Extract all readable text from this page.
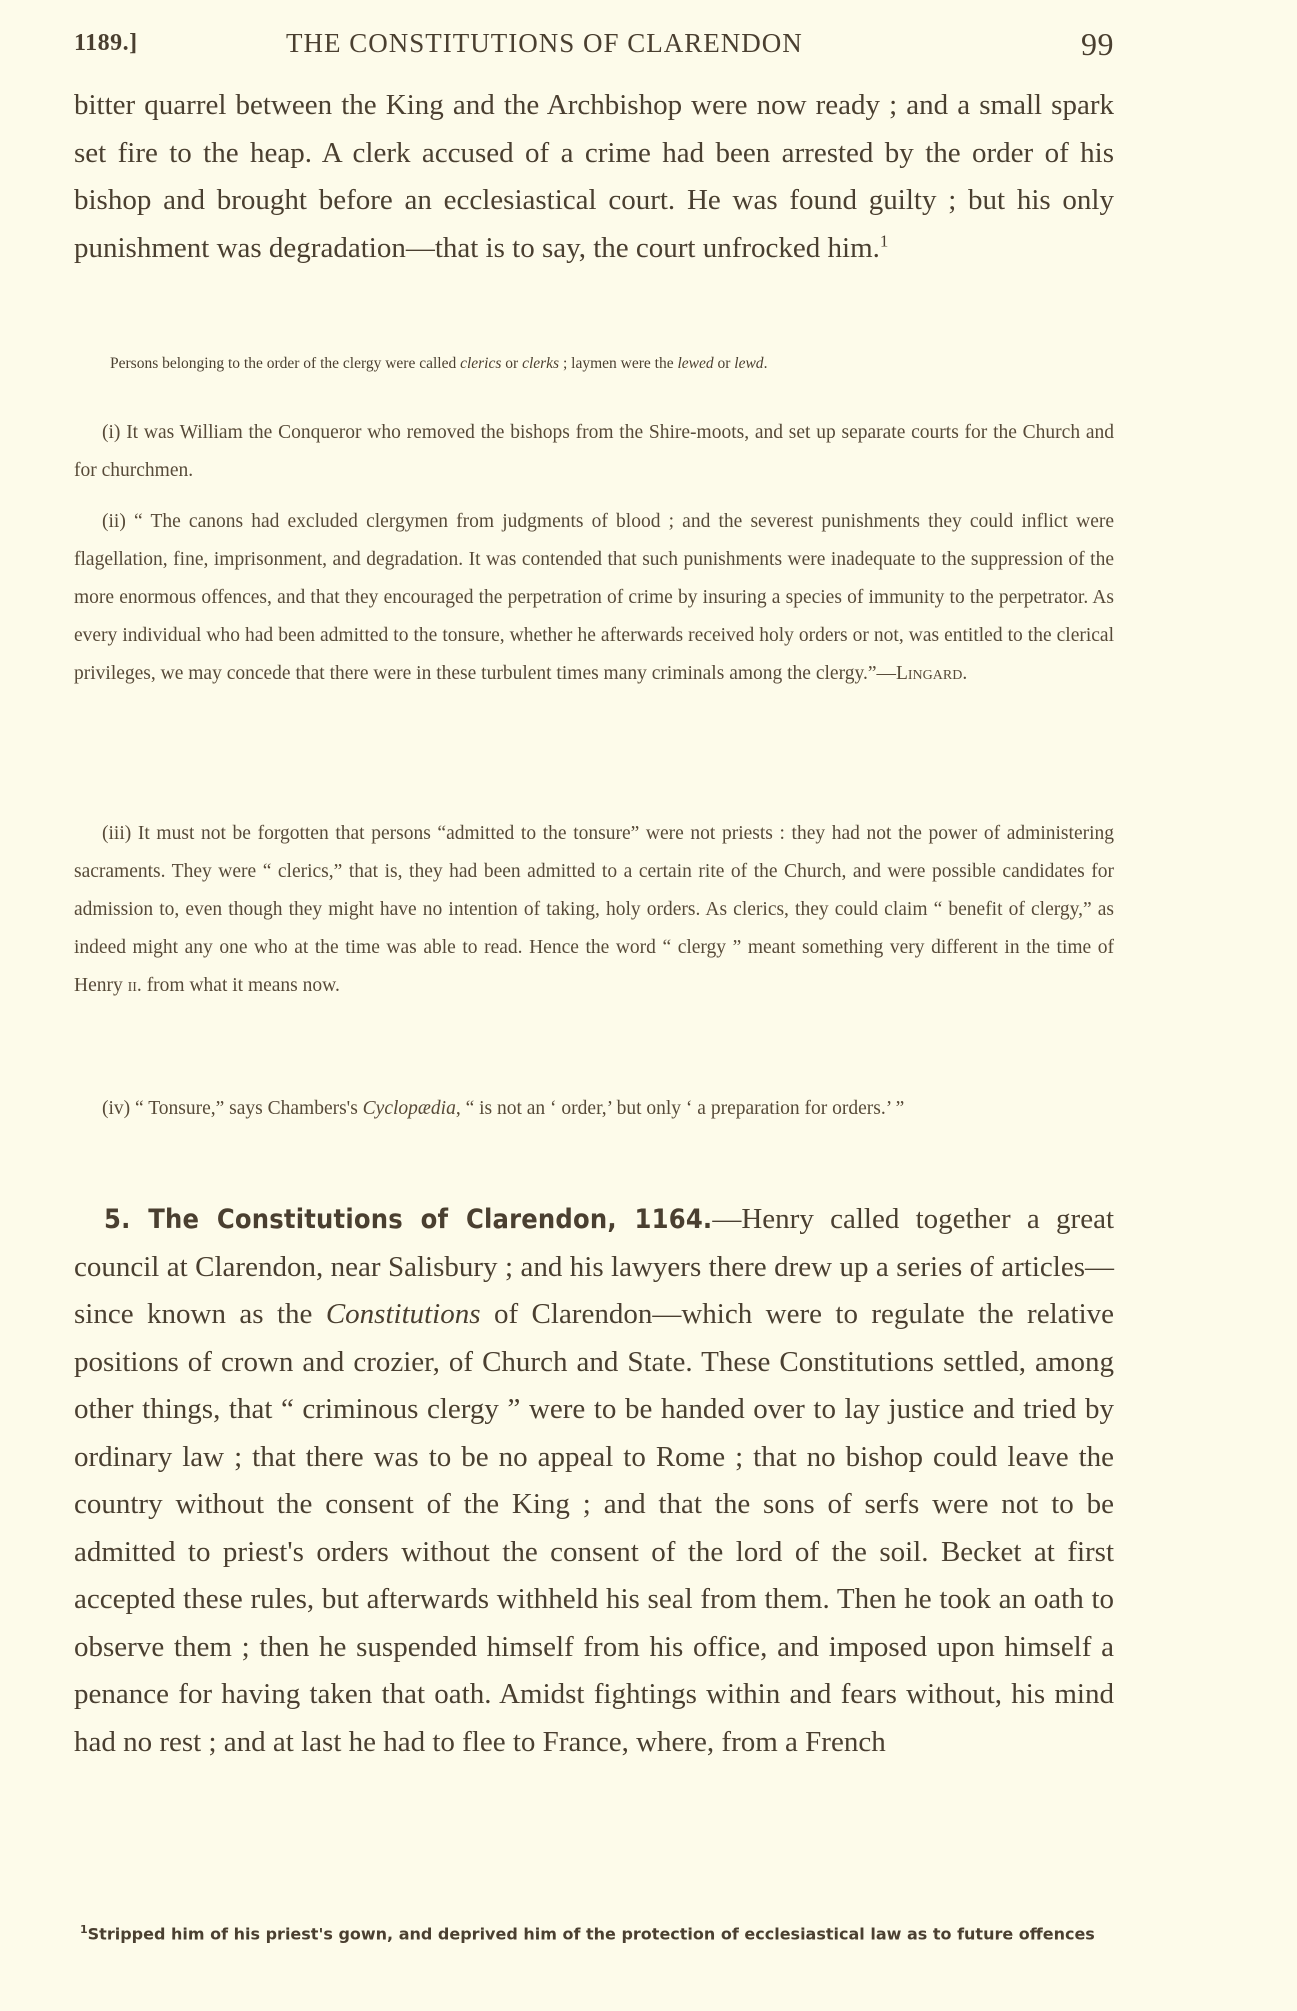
1189.]	THE CONSTITUTIONS OF CLARENDON	99

bitter quarrel between the King and the Archbishop were now ready ; and a small spark set fire to the heap. A clerk accused of a crime had been arrested by the order of his bishop and brought before an ecclesiastical court. He was found guilty ; but his only punishment was degradation—that is to say, the court unfrocked him.$^1$

Persons belonging to the order of the clergy were called clerics or clerks ; laymen were the lewed or lewd.

(i) It was William the Conqueror who removed the bishops from the Shire-moots, and set up separate courts for the Church and for churchmen.

(ii) “ The canons had excluded clergymen from judgments of blood ; and the severest punishments they could inflict were flagellation, fine, imprisonment, and degradation. It was contended that such punishments were inadequate to the suppression of the more enormous offences, and that they encouraged the perpetration of crime by insuring a species of immunity to the perpetrator. As every individual who had been admitted to the tonsure, whether he afterwards received holy orders or not, was entitled to the clerical privileges, we may concede that there were in these turbulent times many criminals among the clergy.”—Lingard.

(iii) It must not be forgotten that persons “admitted to the tonsure” were not priests : they had not the power of administering sacraments. They were “ clerics,” that is, they had been admitted to a certain rite of the Church, and were possible candidates for admission to, even though they might have no intention of taking, holy orders. As clerics, they could claim “ benefit of clergy,” as indeed might any one who at the time was able to read. Hence the word “ clergy ” meant something very different in the time of Henry ii. from what it means now.

(iv) “ Tonsure,” says Chambers's Cyclopædia, “ is not an ‘ order,’ but only ‘ a preparation for orders.’ ”

5. The Constitutions of Clarendon, 1164.—Henry called together a great council at Clarendon, near Salisbury ; and his lawyers there drew up a series of articles—since known as the Constitutions of Clarendon—which were to regulate the relative positions of crown and crozier, of Church and State. These Constitutions settled, among other things, that “ criminous clergy ” were to be handed over to lay justice and tried by ordinary law ; that there was to be no appeal to Rome ; that no bishop could leave the country without the consent of the King ; and that the sons of serfs were not to be admitted to priest's orders without the consent of the lord of the soil. Becket at first accepted these rules, but afterwards withheld his seal from them. Then he took an oath to observe them ; then he suspended himself from his office, and imposed upon himself a penance for having taken that oath. Amidst fightings within and fears without, his mind had no rest ; and at last he had to flee to France, where, from a French

$^1$Stripped him of his priest's gown, and deprived him of the protection of ecclesiastical law as to future offences
